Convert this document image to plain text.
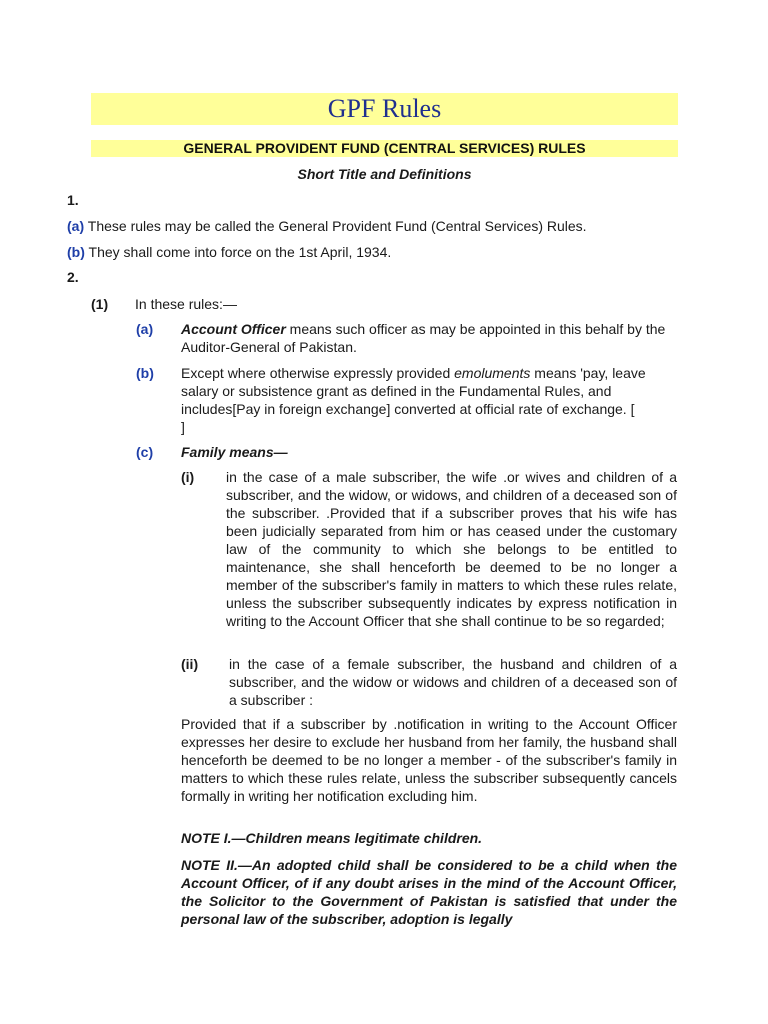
GPF Rules
GENERAL PROVIDENT FUND (CENTRAL SERVICES) RULES
Short Title and Definitions
1.
(a) These rules may be called the General Provident Fund (Central Services) Rules.
(b) They shall come into force on the 1st April, 1934.
2.
(1) In these rules:—
(a) Account Officer means such officer as may be appointed in this behalf by the Auditor-General of Pakistan.
(b) Except where otherwise expressly provided emoluments means 'pay, leave salary or subsistence grant as defined in the Fundamental Rules, and includes[Pay in foreign exchange] converted at official rate of exchange. [           ]
(c) Family means—
(i) in the case of a male subscriber, the wife .or wives and children of a subscriber, and the widow, or widows, and children of a deceased son of the subscriber. .Provided that if a subscriber proves that his wife has been judicially separated from him or has ceased under the customary law of the community to which she belongs to be entitled to maintenance, she shall henceforth be deemed to be no longer a member of the subscriber's family in matters to which these rules relate, unless the subscriber subsequently indicates by express notification in writing to the Account Officer that she shall continue to be so regarded;
(ii) in the case of a female subscriber, the husband and children of a subscriber, and the widow or widows and children of a deceased son of a subscriber :
Provided that if a subscriber by .notification in writing to the Account Officer expresses her desire to exclude her husband from her family, the husband shall henceforth be deemed to be no longer a member - of the subscriber's family in matters to which these rules relate, unless the subscriber subsequently cancels formally in writing her notification excluding him.
NOTE I.—Children means legitimate children.
NOTE II.—An adopted child shall be considered to be a child when the Account Officer, of if any doubt arises in the mind of the Account Officer, the Solicitor to the Government of Pakistan is satisfied that under the personal law of the subscriber, adoption is legally
